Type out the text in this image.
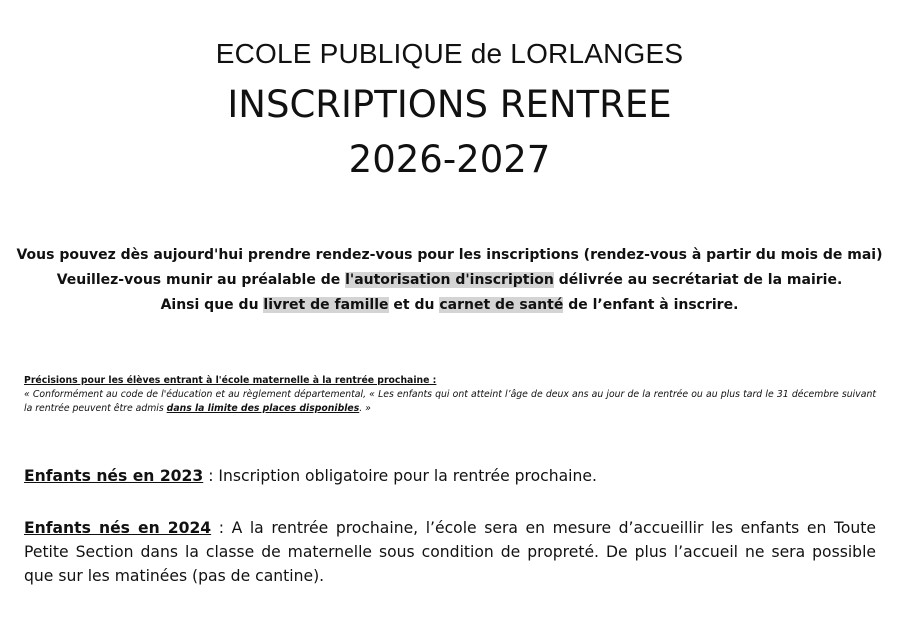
ECOLE PUBLIQUE de LORLANGES
INSCRIPTIONS RENTREE
2026-2027
Vous pouvez dès aujourd'hui prendre rendez-vous pour les inscriptions (rendez-vous à partir du mois de mai)
Veuillez-vous munir au préalable de l'autorisation d'inscription délivrée au secrétariat de la mairie.
Ainsi que du livret de famille et du carnet de santé de l’enfant à inscrire.
Précisions pour les élèves entrant à l'école maternelle à la rentrée prochaine :
« Conformément au code de l'éducation et au règlement départemental, « Les enfants qui ont atteint l’âge de deux ans au jour de la rentrée ou au plus tard le 31 décembre suivant la rentrée peuvent être admis dans la limite des places disponibles. »
Enfants nés en 2023 : Inscription obligatoire pour la rentrée prochaine.
Enfants nés en 2024 : A la rentrée prochaine, l’école sera en mesure d’accueillir les enfants en Toute Petite Section dans la classe de maternelle sous condition de propreté. De plus l’accueil ne sera possible que sur les matinées (pas de cantine).
